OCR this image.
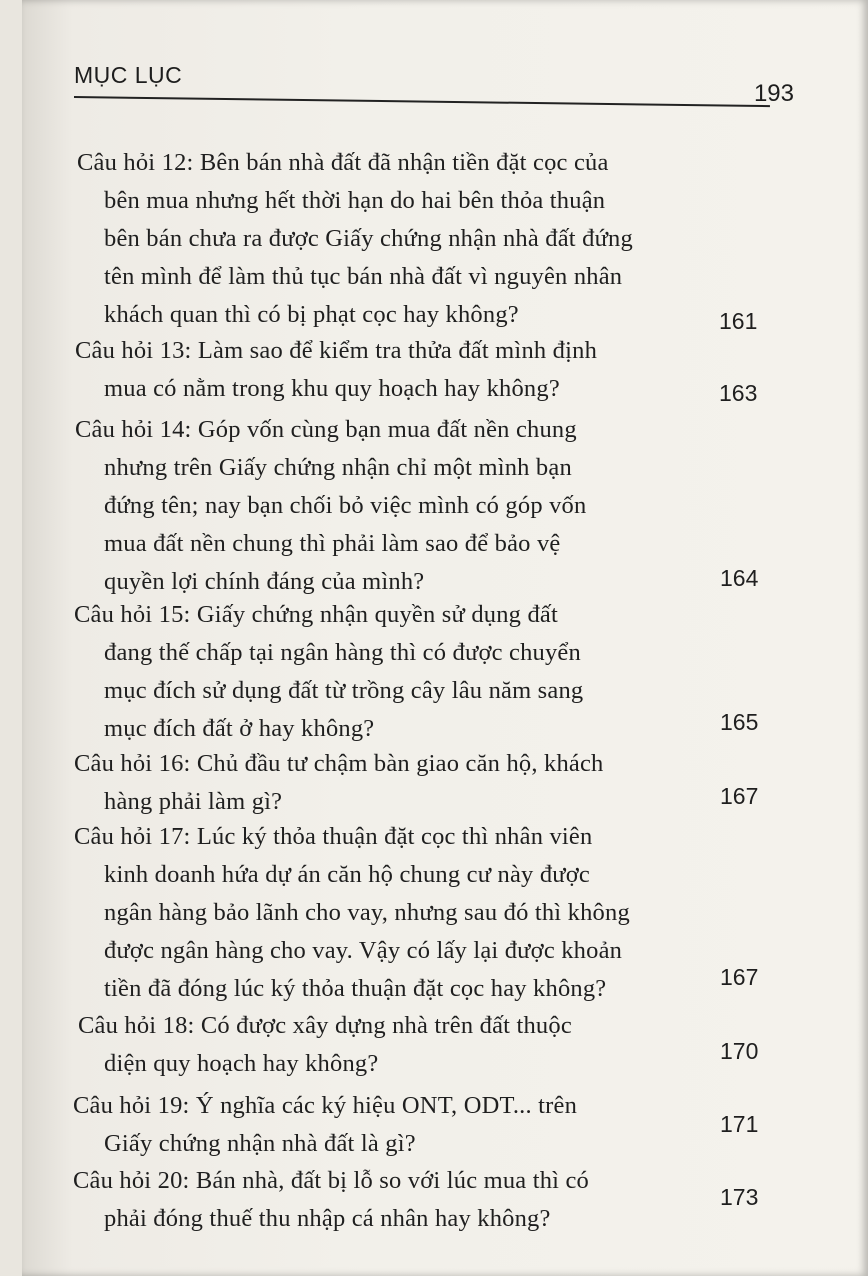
MỤC LỤC
193
Câu hỏi 12: Bên bán nhà đất đã nhận tiền đặt cọc của
bên mua nhưng hết thời hạn do hai bên thỏa thuận
bên bán chưa ra được Giấy chứng nhận nhà đất đứng
tên mình để làm thủ tục bán nhà đất vì nguyên nhân
khách quan thì có bị phạt cọc hay không?	161
Câu hỏi 13: Làm sao để kiểm tra thửa đất mình định
mua có nằm trong khu quy hoạch hay không?	163
Câu hỏi 14: Góp vốn cùng bạn mua đất nền chung
nhưng trên Giấy chứng nhận chỉ một mình bạn
đứng tên; nay bạn chối bỏ việc mình có góp vốn
mua đất nền chung thì phải làm sao để bảo vệ
quyền lợi chính đáng của mình?	164
Câu hỏi 15: Giấy chứng nhận quyền sử dụng đất
đang thế chấp tại ngân hàng thì có được chuyển
mục đích sử dụng đất từ trồng cây lâu năm sang
mục đích đất ở hay không?	165
Câu hỏi 16: Chủ đầu tư chậm bàn giao căn hộ, khách
hàng phải làm gì?	167
Câu hỏi 17: Lúc ký thỏa thuận đặt cọc thì nhân viên
kinh doanh hứa dự án căn hộ chung cư này được
ngân hàng bảo lãnh cho vay, nhưng sau đó thì không
được ngân hàng cho vay. Vậy có lấy lại được khoản
tiền đã đóng lúc ký thỏa thuận đặt cọc hay không?	167
Câu hỏi 18: Có được xây dựng nhà trên đất thuộc
diện quy hoạch hay không?	170
Câu hỏi 19: Ý nghĩa các ký hiệu ONT, ODT... trên
Giấy chứng nhận nhà đất là gì?
171
Câu hỏi 20: Bán nhà, đất bị lỗ so với lúc mua thì có
phải đóng thuế thu nhập cá nhân hay không?
173
